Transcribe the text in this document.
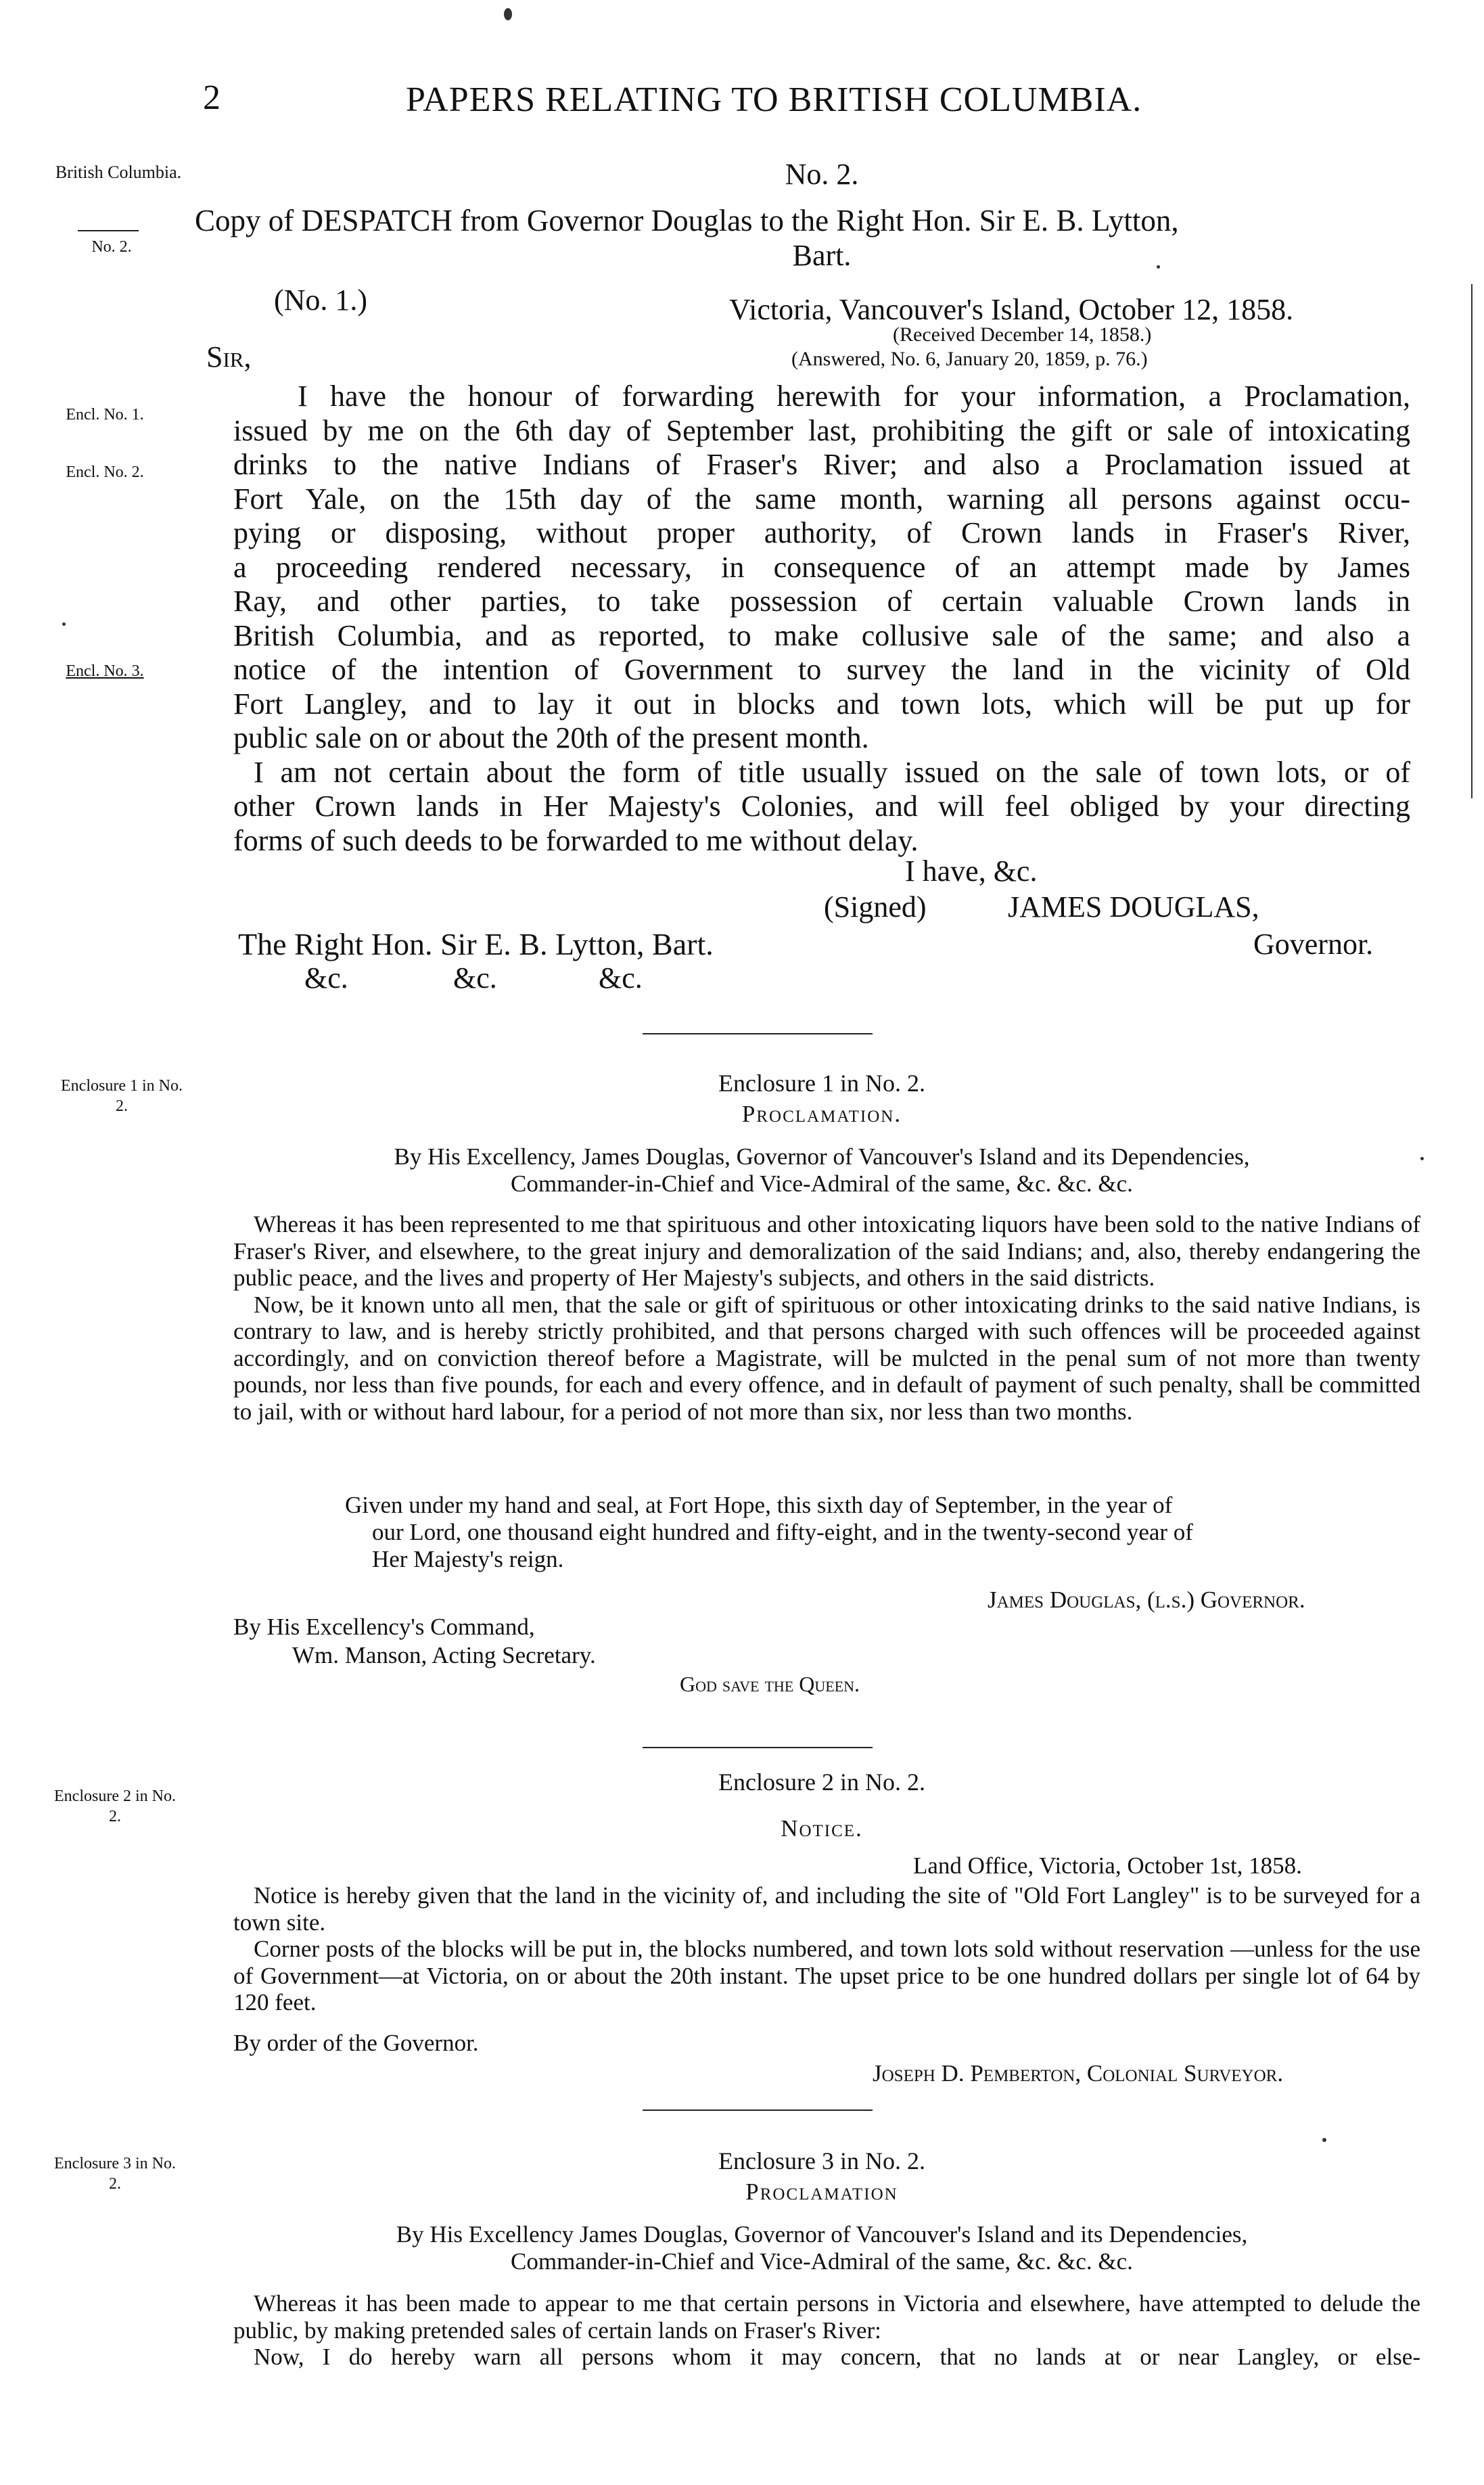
2	PAPERS RELATING TO BRITISH COLUMBIA.
British Columbia.
No. 2.
Encl. No. 1.
Encl. No. 2.
Encl. No. 3.
Enclosure 1 in No. 2.
Enclosure 2 in No. 2.
Enclosure 3 in No. 2.
No. 2.
Copy of DESPATCH from Governor Douglas to the Right Hon. Sir E. B. Lytton,
Bart.
(No. 1.)	Victoria, Vancouver's Island, October 12, 1858.
(Received December 14, 1858.)
(Answered, No. 6, January 20, 1859, p. 76.)
Sir,

I have the honour of forwarding herewith for your information, a Proclamation,

issued by me on the 6th day of September last, prohibiting the gift or sale of intoxicating

drinks to the native Indians of Fraser's River; and also a Proclamation issued at

Fort Yale, on the 15th day of the same month, warning all persons against occu-

pying or disposing, without proper authority, of Crown lands in Fraser's River,

a proceeding rendered necessary, in consequence of an attempt made by James

Ray, and other parties, to take possession of certain valuable Crown lands in

British Columbia, and as reported, to make collusive sale of the same; and also a

notice of the intention of Government to survey the land in the vicinity of Old

Fort Langley, and to lay it out in blocks and town lots, which will be put up for

public sale on or about the 20th of the present month.

I am not certain about the form of title usually issued on the sale of town lots, or of

other Crown lands in Her Majesty's Colonies, and will feel obliged by your directing

forms of such deeds to be forwarded to me without delay.

I have, &c.
(Signed)	JAMES DOUGLAS,
Governor.
The Right Hon. Sir E. B. Lytton, Bart.
&c.	&c.	&c.
Enclosure 1 in No. 2.
Proclamation.
By His Excellency, James Douglas, Governor of Vancouver's Island and its Dependencies,
Commander-in-Chief and Vice-Admiral of the same, &c. &c. &c.

Whereas it has been represented to me that spirituous and other intoxicating liquors have been sold to the native Indians of Fraser's River, and elsewhere, to the great injury and demoralization of the said Indians; and, also, thereby endangering the public peace, and the lives and property of Her Majesty's subjects, and others in the said districts.

Now, be it known unto all men, that the sale or gift of spirituous or other intoxicating drinks to the said native Indians, is contrary to law, and is hereby strictly prohibited, and that persons charged with such offences will be proceeded against accordingly, and on conviction thereof before a Magistrate, will be mulcted in the penal sum of not more than twenty pounds, nor less than five pounds, for each and every offence, and in default of payment of such penalty, shall be committed to jail, with or without hard labour, for a period of not more than six, nor less than two months.

Given under my hand and seal, at Fort Hope, this sixth day of September, in the year of
our Lord, one thousand eight hundred and fifty-eight, and in the twenty-second year of
Her Majesty's reign.
James Douglas, (l.s.) Governor.
By His Excellency's Command,
Wm. Manson, Acting Secretary.
God save the Queen.
Enclosure 2 in No. 2.
Notice.
Land Office, Victoria, October 1st, 1858.

Notice is hereby given that the land in the vicinity of, and including the site of "Old Fort Langley" is to be surveyed for a town site.

Corner posts of the blocks will be put in, the blocks numbered, and town lots sold without reservation —unless for the use of Government—at Victoria, on or about the 20th instant. The upset price to be one hundred dollars per single lot of 64 by 120 feet.

By order of the Governor.
Joseph D. Pemberton, Colonial Surveyor.
Enclosure 3 in No. 2.
Proclamation
By His Excellency James Douglas, Governor of Vancouver's Island and its Dependencies,
Commander-in-Chief and Vice-Admiral of the same, &c. &c. &c.

Whereas it has been made to appear to me that certain persons in Victoria and elsewhere, have attempted to delude the public, by making pretended sales of certain lands on Fraser's River:

Now, I do hereby warn all persons whom it may concern, that no lands at or near Langley, or else-
